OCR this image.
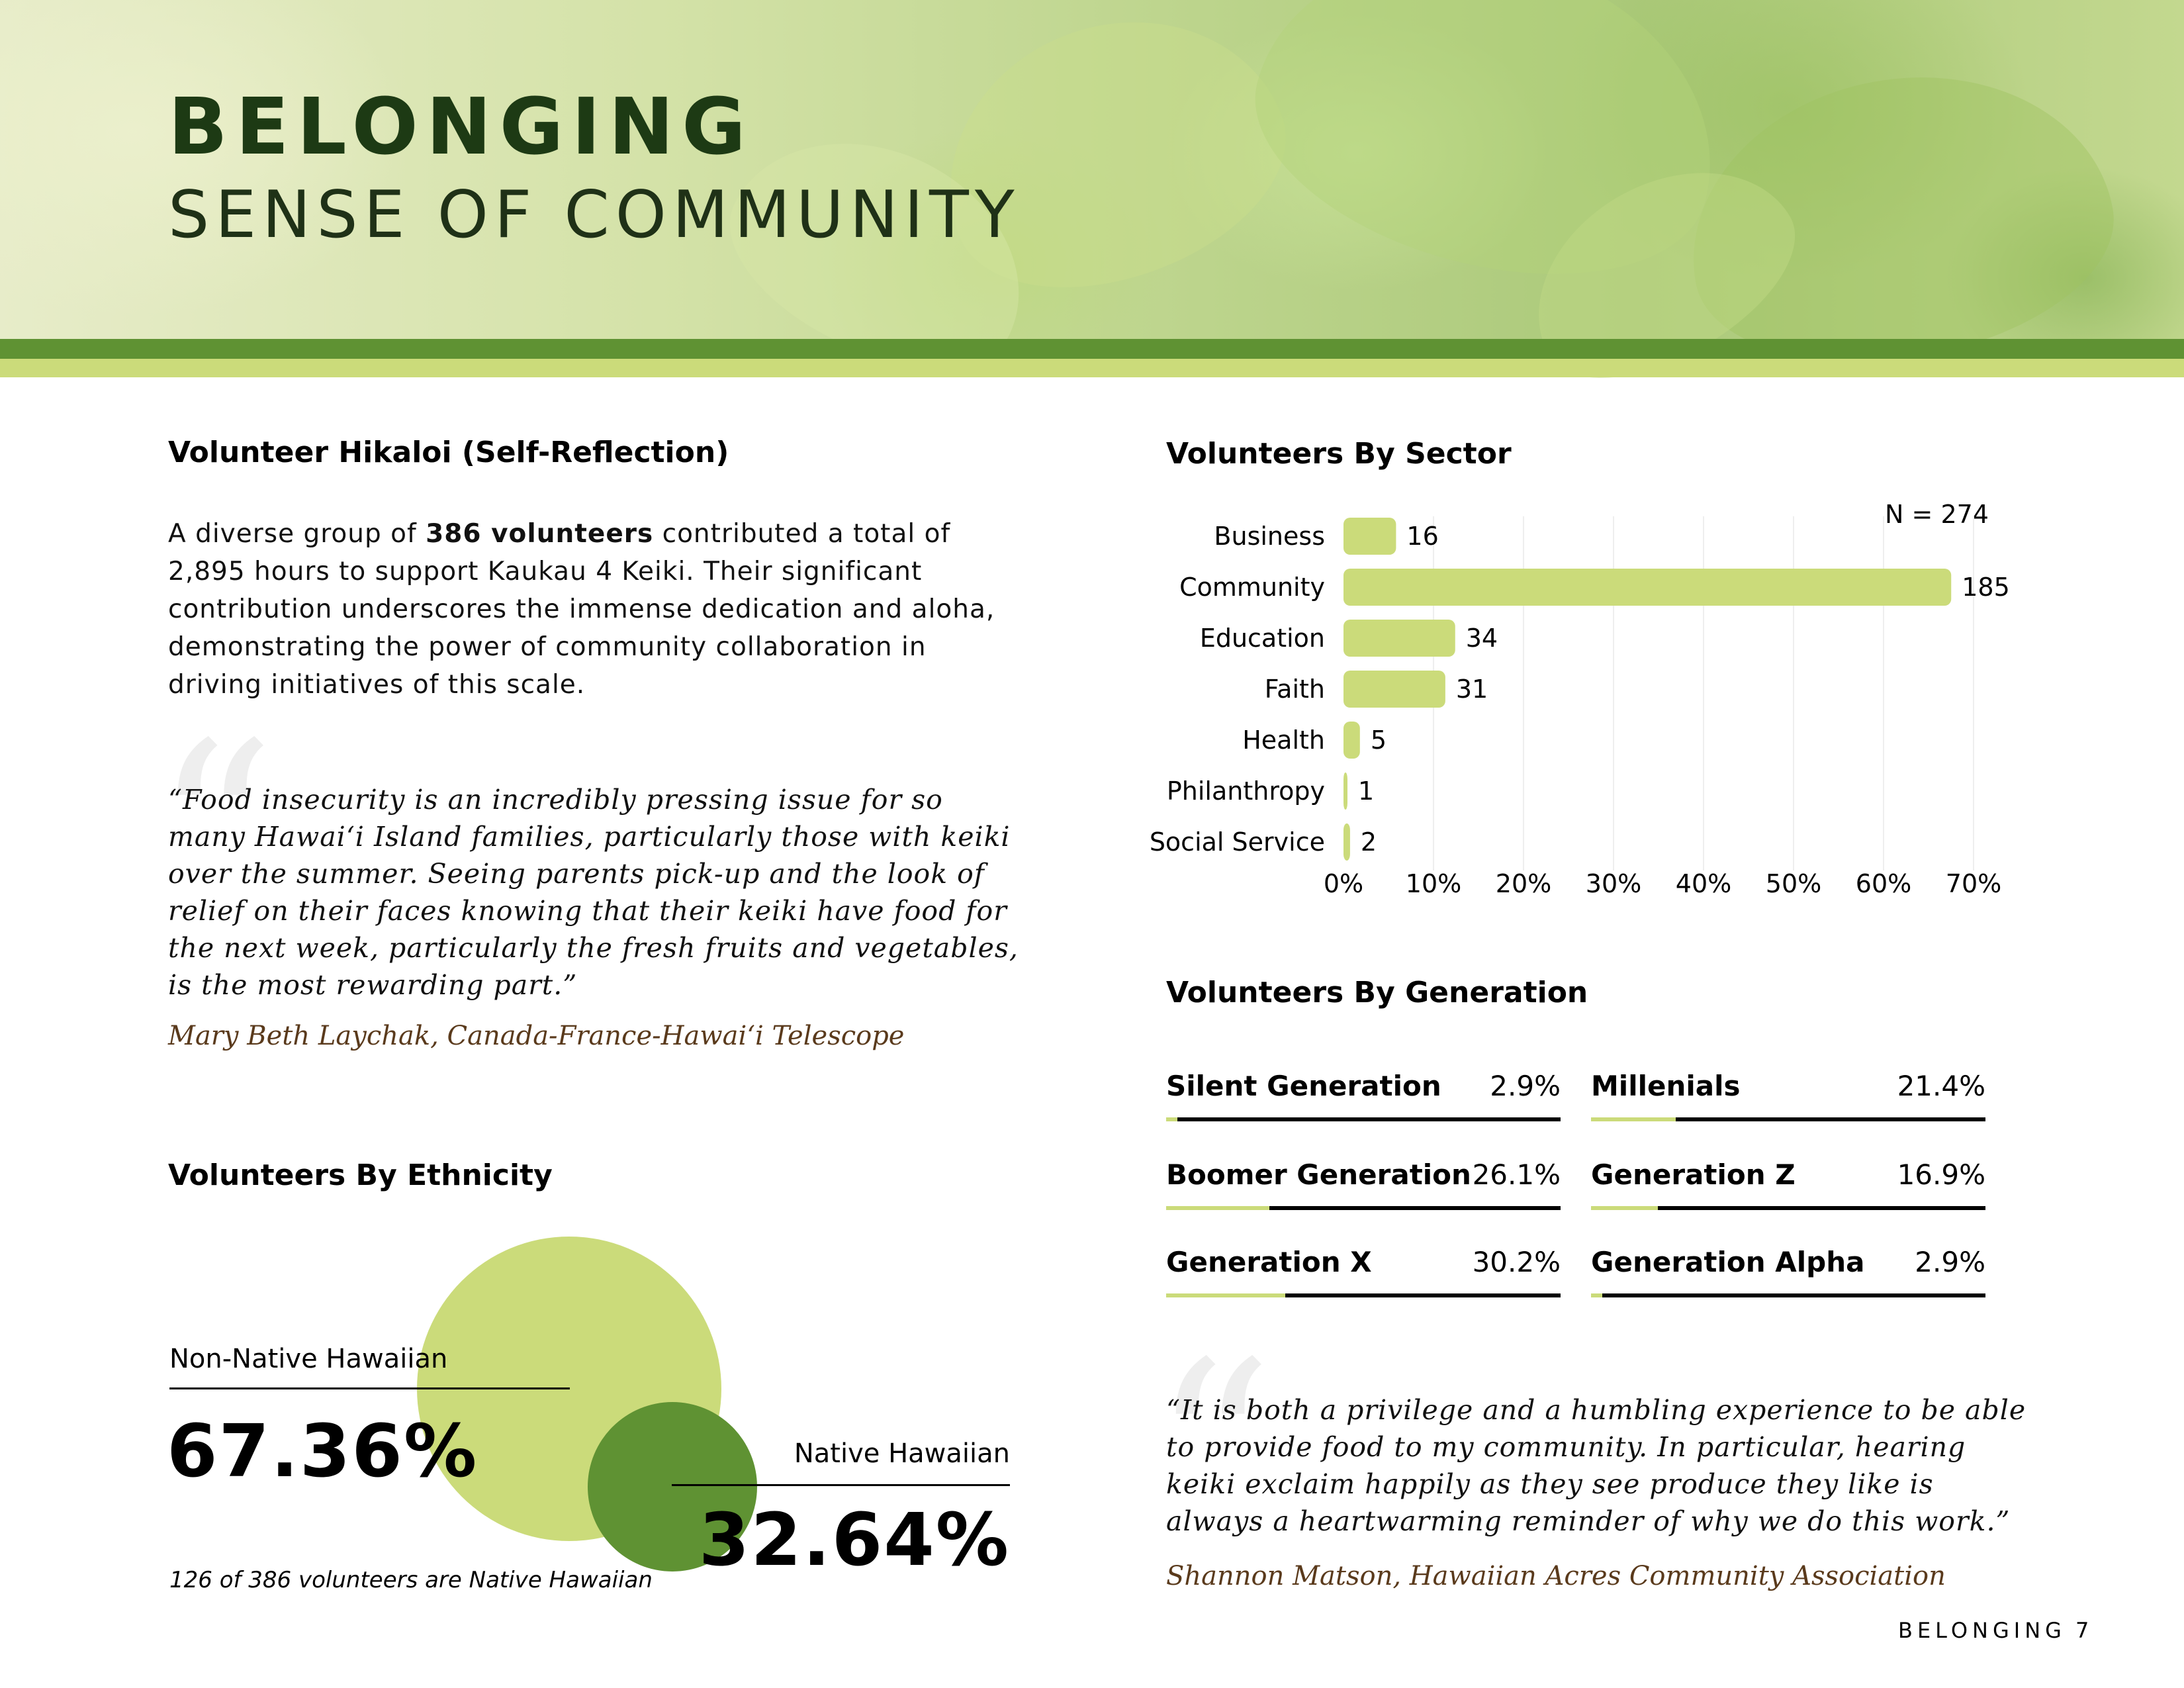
BELONGING
SENSE OF COMMUNITY
Volunteer Hikaloi (Self-Reflection)

A diverse group of 386 volunteers contributed a total of 2,895 hours to support Kaukau 4 Keiki. Their significant contribution underscores the immense dedication and aloha, demonstrating the power of community collaboration in driving initiatives of this scale.

“

“Food insecurity is an incredibly pressing issue for so many Hawaiʻi Island families, particularly those with keiki over the summer. Seeing parents pick-up and the look of relief on their faces knowing that their keiki have food for the next week, particularly the fresh fruits and vegetables, is the most rewarding part.”

Mary Beth Laychak, Canada-France-Hawaiʻi Telescope

Volunteers By Ethnicity

Non-Native Hawaiian

67.36%	Native Hawaiian

32.64%

126 of 386 volunteers are Native Hawaiian

Volunteers By Sector
N = 274
0% 10% 20% 30% 40% 50% 60% 70%
Business	16
Community	185
Education	34
Faith	31
Health 5
Philanthropy 1
Social Service 2
Volunteers By Generation
Silent Generation 2.9% Millenials	21.4%
Boomer Generation 26.1% Generation Z	16.9%
Generation X	30.2% Generation Alpha 2.9%
“

“It is both a privilege and a humbling experience to be able to provide food to my community. In particular, hearing keiki exclaim happily as they see produce they like is always a heartwarming reminder of why we do this work.”

Shannon Matson, Hawaiian Acres Community Association

BELONGING 7
